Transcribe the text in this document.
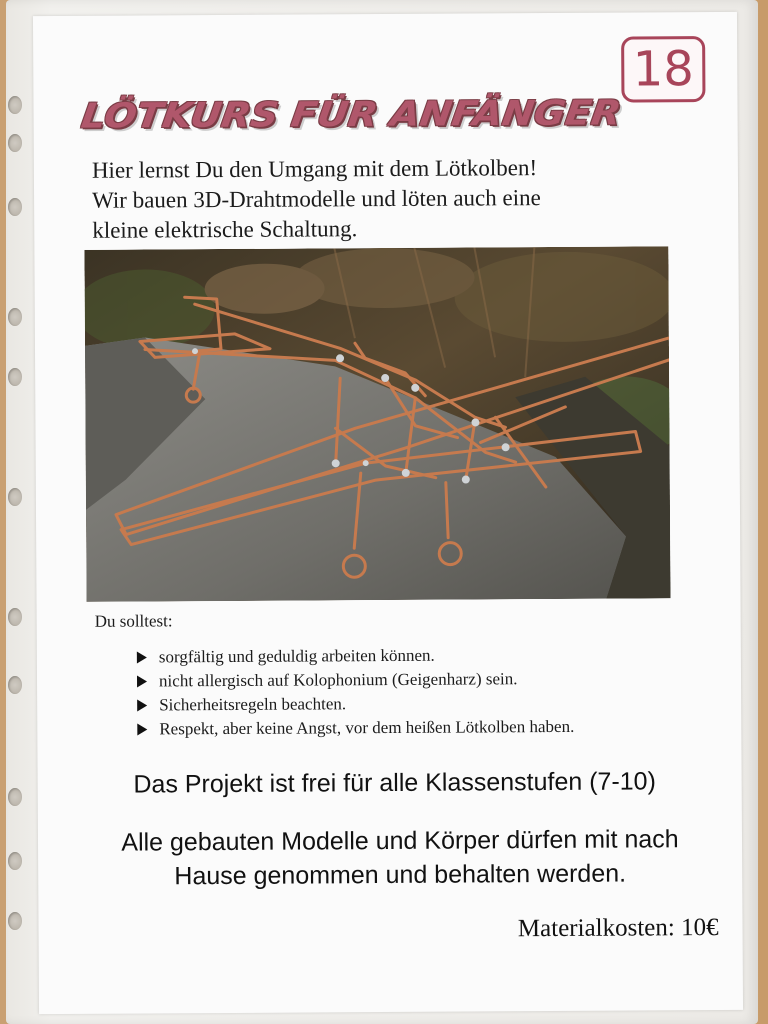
18
LÖTKURS FÜR ANFÄNGER
Hier lernst Du den Umgang mit dem Lötkolben!
Wir bauen 3D-Drahtmodelle und löten auch eine
kleine elektrische Schaltung.
Du solltest:
sorgfältig und geduldig arbeiten können.
nicht allergisch auf Kolophonium (Geigenharz) sein.
Sicherheitsregeln beachten.
Respekt, aber keine Angst, vor dem heißen Lötkolben haben.
Das Projekt ist frei für alle Klassenstufen (7-10)
Alle gebauten Modelle und Körper dürfen mit nach
Hause genommen und behalten werden.
Materialkosten: 10€
